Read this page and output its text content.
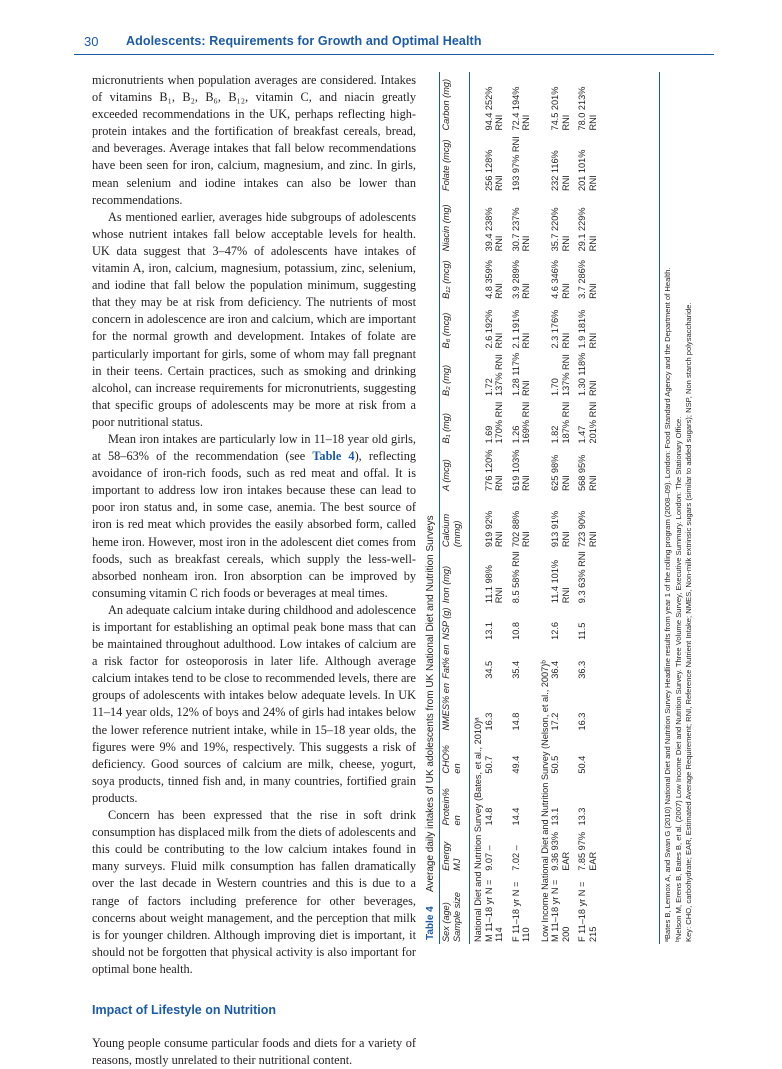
30 Adolescents: Requirements for Growth and Optimal Health

micronutrients when population averages are considered. Intakes of vitamins B₁, B₂, B₆, B₁₂, vitamin C, and niacin greatly exceeded recommendations in the UK, perhaps reflecting high-protein intakes and the fortification of breakfast cereals, bread, and beverages. Average intakes that fall below recommendations have been seen for iron, calcium, magnesium, and zinc. In girls, mean selenium and iodine intakes can also be lower than recommendations.

As mentioned earlier, averages hide subgroups of adolescents whose nutrient intakes fall below acceptable levels for health. UK data suggest that 3–47% of adolescents have intakes of vitamin A, iron, calcium, magnesium, potassium, zinc, selenium, and iodine that fall below the population minimum, suggesting that they may be at risk from deficiency. The nutrients of most concern in adolescence are iron and calcium, which are important for the normal growth and development. Intakes of folate are particularly important for girls, some of whom may fall pregnant in their teens. Certain practices, such as smoking and drinking alcohol, can increase requirements for micronutrients, suggesting that specific groups of adolescents may be more at risk from a poor nutritional status.

Mean iron intakes are particularly low in 11–18 year old girls, at 58–63% of the recommendation (see Table 4), reflecting avoidance of iron-rich foods, such as red meat and offal. It is important to address low iron intakes because these can lead to poor iron status and, in some case, anemia. The best source of iron is red meat which provides the easily absorbed form, called heme iron. However, most iron in the adolescent diet comes from foods, such as breakfast cereals, which supply the less-well-absorbed nonheam iron. Iron absorption can be improved by consuming vitamin C rich foods or beverages at meal times.

An adequate calcium intake during childhood and adolescence is important for establishing an optimal peak bone mass that can be maintained throughout adulthood. Low intakes of calcium are a risk factor for osteoporosis in later life. Although average calcium intakes tend to be close to recommended levels, there are groups of adolescents with intakes below adequate levels. In UK 11–14 year olds, 12% of boys and 24% of girls had intakes below the lower reference nutrient intake, while in 15–18 year olds, the figures were 9% and 19%, respectively. This suggests a risk of deficiency. Good sources of calcium are milk, cheese, yogurt, soya products, tinned fish and, in many countries, fortified grain products.

Concern has been expressed that the rise in soft drink consumption has displaced milk from the diets of adolescents and this could be contributing to the low calcium intakes found in many surveys. Fluid milk consumption has fallen dramatically over the last decade in Western countries and this is due to a range of factors including preference for other beverages, concerns about weight management, and the perception that milk is for younger children. Although improving diet is important, it should not be forgotten that physical activity is also important for optimal bone health.

Impact of Lifestyle on Nutrition

Young people consume particular foods and diets for a variety of reasons, mostly unrelated to their nutritional content.

Table 4 Average daily intakes of UK adolescents from UK National Diet and Nutrition Surveys
Sex (age) Sample size	Energy MJ	Protein% en	CHO% en	NMES% en	Fat% en	NSP (g)	Iron (mg)	Calcium (mmg)	A (mcg)	B₁ (mg)	B₂ (mg)	B₆ (mcg)	B₁₂ (mcg)	Niacin (mg)	Folate (mcg)	Carbon (mg)
National Diet and Nutrition Survey (Bates, et al., 2010)ᵃ																
M 11–18 yr N = 114	9.07 –	14.8	50.7	16.3	34.5	13.1	11.1 98% RNI	919 92% RNI	776 120% RNI	1.69 170% RNI	1.72 137% RNI	2.6 192% RNI	4.8 359% RNI	39.4 238% RNI	256 128% RNI	94.4 252% RNI
F 11–18 yr N = 110	7.02 –	14.4	49.4	14.8	35.4	10.8	8.5 58% RNI	702 88% RNI	619 103% RNI	1.26 169% RNI	1.28 117% RNI	2.1 191% RNI	3.9 289% RNI	30.7 237% RNI	193 97% RNI	72.4 194% RNI
Low Income National Diet and Nutrition Survey (Nelson, et al., 2007)ᵇ																
M 11–18 yr N = 200	9.36 93% EAR	13.1	50.5	17.2	36.4	12.6	11.4 101% RNI	913 91% RNI	625 98% RNI	1.82 187% RNI	1.70 137% RNI	2.3 176% RNI	4.6 346% RNI	35.7 220% RNI	232 116% RNI	74.5 201% RNI
F 11–18 yr N = 215	7.85 97% EAR	13.3	50.4	16.3	36.3	11.5	9.3 63% RNI	723 90% RNI	568 95% RNI	1.47 201% RNI	1.30 118% RNI	1.9 181% RNI	3.7 286% RNI	29.1 229% RNI	201 101% RNI	78.0 213% RNI
ᵃBates B, Lennox A, and Swan G (2010) National Diet and Nutrition Survey Headline results from year 1 of the rolling program (2008–09). London: Food Standard Agency and the Department of Health. ᵇNelson M, Erens B, Bates B, et al. (2007) Low Income Diet and Nutrition Survey. Three Volume Survey, Executive Summary. London: The Stationary Office. Key: CHO, carbohydrate; EAR, Estimated Average Requirement; RNI, Reference Nutrient Intake; NMES, Non-milk extrinsic sugars (similar to added sugars); NSP, Non starch polysaccharide.
